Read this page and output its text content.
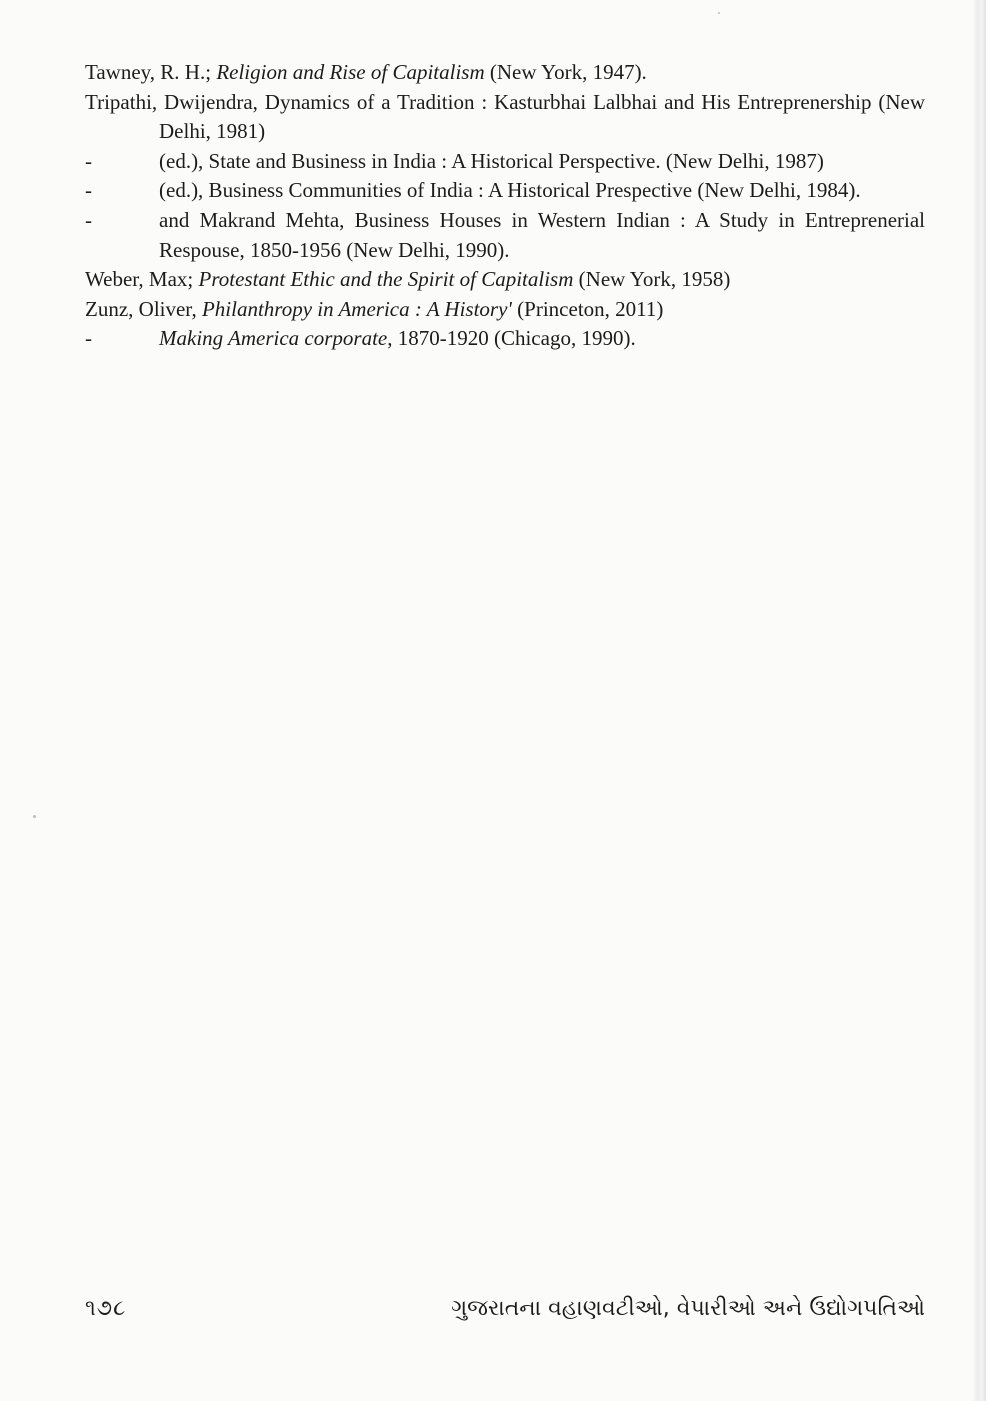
Tawney, R. H.; Religion and Rise of Capitalism (New York, 1947).
Tripathi, Dwijendra, Dynamics of a Tradition : Kasturbhai Lalbhai and His Entreprenership (New Delhi, 1981)
-	(ed.), State and Business in India : A Historical Perspective. (New Delhi, 1987)
-	(ed.), Business Communities of India : A Historical Prespective (New Delhi, 1984).
-	and Makrand Mehta, Business Houses in Western Indian : A Study in Entreprenerial Respouse, 1850-1956 (New Delhi, 1990).
Weber, Max; Protestant Ethic and the Spirit of Capitalism (New York, 1958)
Zunz, Oliver, Philanthropy in America : A History' (Princeton, 2011)
-	Making America corporate, 1870-1920 (Chicago, 1990).
૧૭૮	ગુજરાતના વહાણવટીઓ, વેપારીઓ અને ઉદ્યોગપતિઓ
